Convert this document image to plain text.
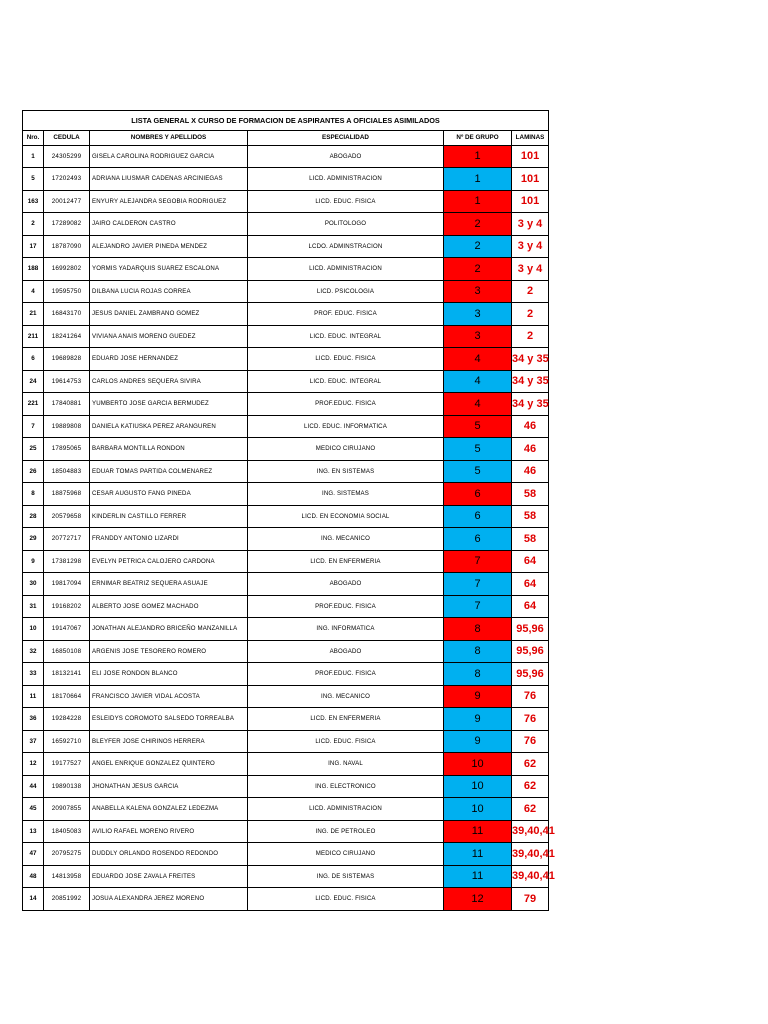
LISTA GENERAL X CURSO DE FORMACION DE ASPIRANTES A OFICIALES ASIMILADOS					
Nro.	CEDULA	NOMBRES Y APELLIDOS	ESPECIALIDAD	Nº DE GRUPO	LAMINAS
1	24305299	GISELA CAROLINA RODRIGUEZ GARCIA	ABOGADO	1	101
5	17202493	ADRIANA LIUSMAR CADENAS ARCINIEGAS	LICD. ADMINISTRACION	1	101
163	20012477	ENYURY ALEJANDRA SEGOBIA RODRIGUEZ	LICD. EDUC. FISICA	1	101
2	17289082	JAIRO CALDERON CASTRO	POLITOLOGO	2	3 y 4
17	18787090	ALEJANDRO JAVIER PINEDA MENDEZ	LCDO. ADMINSTRACION	2	3 y 4
188	16992802	YORMIS YADARQUIS SUAREZ ESCALONA	LICD. ADMINISTRACION	2	3 y 4
4	19595750	DILBANA LUCIA ROJAS CORREA	LICD. PSICOLOGIA	3	2
21	16843170	JESUS DANIEL ZAMBRANO GOMEZ	PROF. EDUC. FISICA	3	2
211	18241264	VIVIANA ANAIS MORENO GUEDEZ	LICD. EDUC. INTEGRAL	3	2
6	19689828	EDUARD JOSE HERNANDEZ	LICD. EDUC. FISICA	4	34 y 35
24	19614753	CARLOS ANDRES SEQUERA SIVIRA	LICD. EDUC. INTEGRAL	4	34 y 35
221	17840881	YUMBERTO JOSE GARCIA BERMUDEZ	PROF.EDUC. FISICA	4	34 y 35
7	19889808	DANIELA KATIUSKA PEREZ ARANGUREN	LICD. EDUC. INFORMATICA	5	46
25	17895065	BARBARA MONTILLA RONDON	MEDICO CIRUJANO	5	46
26	18504883	EDUAR TOMAS PARTIDA COLMENAREZ	ING. EN SISTEMAS	5	46
8	18875968	CESAR AUGUSTO FANG PINEDA	ING. SISTEMAS	6	58
28	20579658	KINDERLIN CASTILLO FERRER	LICD. EN ECONOMIA SOCIAL	6	58
29	20772717	FRANDDY ANTONIO LIZARDI	ING. MECANICO	6	58
9	17381298	EVELYN PETRICA CALOJERO CARDONA	LICD. EN ENFERMERIA	7	64
30	19817094	ERNIMAR BEATRIZ SEQUERA ASUAJE	ABOGADO	7	64
31	19168202	ALBERTO JOSE GOMEZ MACHADO	PROF.EDUC. FISICA	7	64
10	19147067	JONATHAN ALEJANDRO BRICEÑO MANZANILLA	ING. INFORMATICA	8	95,96
32	16850108	ARGENIS JOSE TESORERO ROMERO	ABOGADO	8	95,96
33	18132141	ELI JOSE RONDON BLANCO	PROF.EDUC. FISICA	8	95,96
11	18170664	FRANCISCO JAVIER VIDAL ACOSTA	ING. MECANICO	9	76
36	19284228	ESLEIDYS COROMOTO SALSEDO TORREALBA	LICD. EN ENFERMERIA	9	76
37	16592710	BLEYFER JOSE CHIRINOS HERRERA	LICD. EDUC. FISICA	9	76
12	19177527	ANGEL ENRIQUE GONZALEZ QUINTERO	ING. NAVAL	10	62
44	19890138	JHONATHAN JESUS GARCIA	ING. ELECTRONICO	10	62
45	20907855	ANABELLA KALENA GONZALEZ LEDEZMA	LICD. ADMINISTRACION	10	62
13	18405083	AVILIO RAFAEL MORENO RIVERO	ING. DE PETROLEO	11	39,40,41
47	20795275	DUDDLY ORLANDO ROSENDO REDONDO	MEDICO CIRUJANO	11	39,40,41
48	14813958	EDUARDO JOSE ZAVALA FREITES	ING. DE SISTEMAS	11	39,40,41
14	20851992	JOSUA ALEXANDRA JEREZ MORENO	LICD. EDUC. FISICA	12	79
